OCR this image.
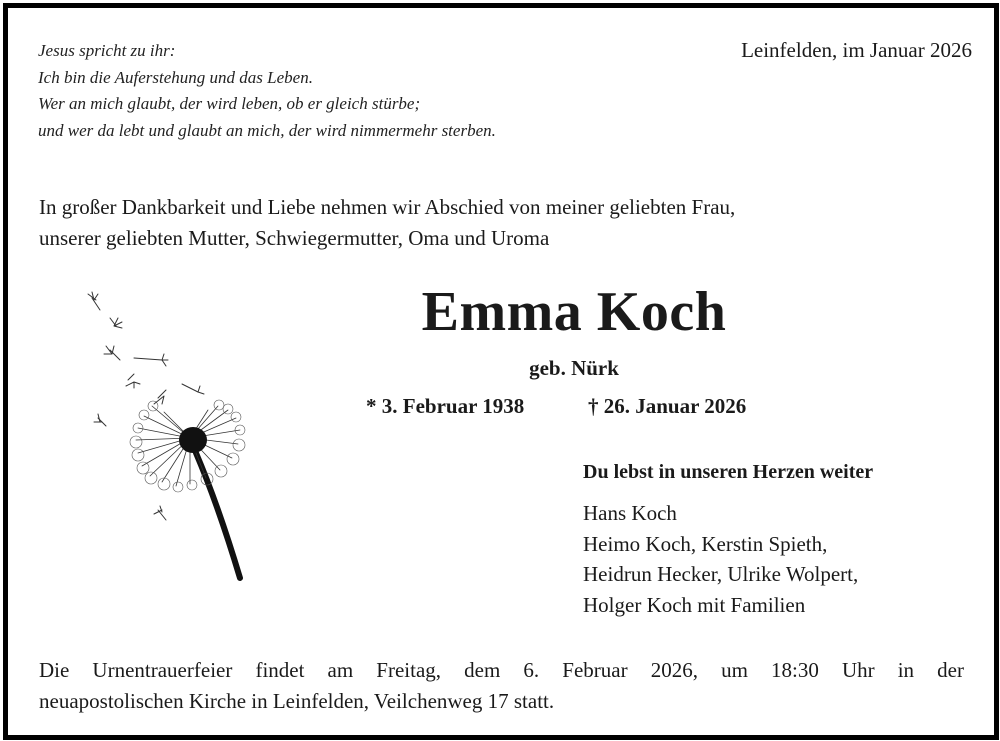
Jesus spricht zu ihr:
Ich bin die Auferstehung und das Leben.
Wer an mich glaubt, der wird leben, ob er gleich stürbe;
und wer da lebt und glaubt an mich, der wird nimmermehr sterben.
Leinfelden, im Januar 2026
In großer Dankbarkeit und Liebe nehmen wir Abschied von meiner geliebten Frau,
unserer geliebten Mutter, Schwiegermutter, Oma und Uroma
Emma Koch
geb. Nürk
* 3. Februar 1938	† 26. Januar 2026
Du lebst in unseren Herzen weiter
Hans Koch
Heimo Koch, Kerstin Spieth,
Heidrun Hecker, Ulrike Wolpert,
Holger Koch mit Familien
Die Urnentrauerfeier findet am Freitag, dem 6. Februar 2026, um 18:30 Uhr in der
neuapostolischen Kirche in Leinfelden, Veilchenweg 17 statt.
